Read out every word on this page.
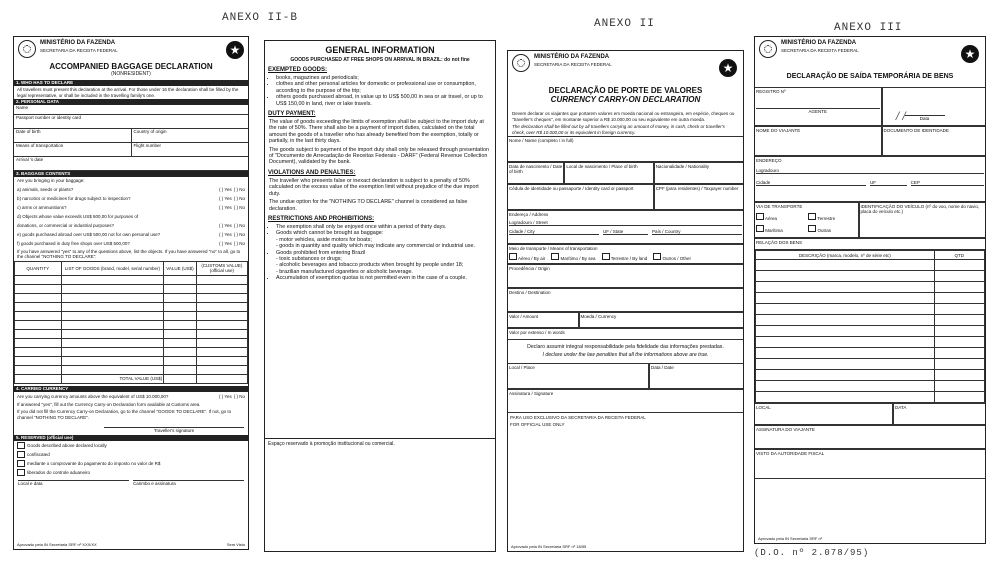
ANEXO II-B	ANEXO II	ANEXO III
MINISTÉRIO DA FAZENDA
SECRETARIA DA RECEITA FEDERAL	★
ACCOMPANIED BAGGAGE DECLARATION
(NONRESIDENT)
1. WHO HAS TO DECLARE
All travellers must present this declaration at the arrival. For those under 16 the declaration shall be filled by the legal representative, or shall be included in the travelling family's one.
2. PERSONAL DATA
Name
Passport number or identity card
Date of birth	Country of origin
Means of transportation	Flight number
Arrival 's date
3. BAGGAGE CONTENTS
Are you bringing in your baggage:
a) animals, seeds or plants?	( ) Yes ( ) No
b) narcotics or medicines for drugs subject to inspection?	( ) Yes ( ) No
c) arms or ammunitions?	( ) Yes ( ) No
d) Objects whose value exceeds US$ 500,00 for purposes of
donations, or commercial or industrial purposes?	( ) Yes ( ) No
e) goods purchased abroad over US$ 500,00 not for own personal use?	( ) Yes ( ) No
f) goods purchased in duty free shops over US$ 500,00?	( ) Yes ( ) No
If you have answered "yes" to any of the questions above, list the objects. If you have answered "no" to all, go to the channel "NOTHING TO DECLARE".
QUANTITY	LIST OF GOODS (brand, model, serial number)	VALUE (US$)	(CUSTOMS VALUE) (official use)

	TOTAL VALUE (US$)		
4. CARRIED CURRENCY
Are you carrying currency amounts above the equivalent of US$ 10.000,00?	( ) Yes ( ) No
If answered "yes", fill out the Currency Carry-on Declaration form available at Customs area.
If you did not fill the Currency Carry-on Declaration, go to the channel "GOODS TO DECLARE". If not, go to channel "NOTHING TO DECLARE".
Traveller's signature
5. RESERVED (official use)
Goods described above declared locally
confiscated
mediante o comprovante do pagamento do imposto no valor de R$
liberados do controle aduaneiro
Local e data	Carimbo e assinatura
Aprovado pela IN Secretaria SRF nº XXX/XX	Sem Visto
GENERAL INFORMATION
GOODS PURCHASED AT FREE SHOPS ON ARRIVAL IN BRAZIL: do not fine
EXEMPTED GOODS:
• books, magazines and periodicals;
• clothes and other personal articles for domestic or professional use or consumption, according to the purpose of the trip;
• others goods purchased abroad, in value up to US$ 500,00 in sea or air travel, or up to US$ 150,00 in land, river or lake travels.
DUTY PAYMENT:

The value of goods exceeding the limits of exemption shall be subject to the import duty at the rate of 50%. There shall also be a payment of import duties, calculated on the total amount the goods of a traveller who has already benefited from the exemption, totally or partially, in the last thirty days.

The goods subject to payment of the import duty shall only be released through presentation of "Documento de Arrecadação de Receitas Federais - DARF" (Federal Revenue Collection Document), validated by the bank.

VIOLATIONS AND PENALTIES:

The traveller who presents false or inexact declaration is subject to a penalty of 50% calculated on the excess value of the exemption limit without prejudice of the due import duty.

The undue option for the "NOTHING TO DECLARE" channel is considered as false declaration.

RESTRICTIONS AND PROHIBITIONS:
• The exemption shall only be enjoyed once within a period of thirty days.
• Goods which cannot be brought as baggage:
- motor vehicles, aside motors for boats;
- goods in quantity and quality which may indicate any commercial or industrial use.
• Goods prohibited from entering Brazil
- toxic substances or drugs;
- alcoholic beverages and tobacco products when brought by people under 18;
- brazilian manufactured cigarettes or alcoholic beverage.
• Accumulation of exemption quotas is not permitted even in the case of a couple.
Espaço reservado à promoção institucional ou comercial.
MINISTÉRIO DA FAZENDA
SECRETARIA DA RECEITA FEDERAL	★
DECLARAÇÃO DE PORTE DE VALORES
CURRENCY CARRY-ON DECLARATION
Devem declarar os viajantes que portarem valores em moeda nacional ou estrangeira, em espécie, cheques ou "traveller's cheques", em montante superior a R$ 10.000,00 ou seu equivalente em outra moeda.
The declaration shall be filled out by all travellers carrying an amount of money, in cash, check or traveller's check, over R$ 10.000,00 or its equivalent in foreign currency.
Nome / Name (completo / in full)
Data de nascimento / Date of birth
Local de nascimento / Place of birth	Nacionalidade / Nationality
Cédula de identidade ou passaporte / Identity card or passport	CPF (para residentes) / Taxpayer number
Endereço / Address
Logradouro / Street
Cidade / City	UF / State	País / Country
Meio de transporte / Means of transportation
Aéreo / By air	Marítimo / By sea	Terrestre / By land	Outros / Other
Procedência / Origin
Destino / Destination
Valor / Amount	Moeda / Currency
Valor por extenso / In words
Declaro assumir integral responsabilidade pela fidelidade das informações prestadas.
I declare under the law penalties that all the informations above are true.
Local / Place	Data / Date
Assinatura / Signature
PARA USO EXCLUSIVO DA SECRETARIA DA RECEITA FEDERAL
FOR OFFICIAL USE ONLY
Aprovado pela IN Secretaria SRF nº 18/95
MINISTÉRIO DA FAZENDA
SECRETARIA DA RECEITA FEDERAL	★
DECLARAÇÃO DE SAÍDA TEMPORÁRIA DE BENS
REGISTRO Nº
AGENTE
Data
NOME DO VIAJANTE	DOCUMENTO DE IDENTIDADE
ENDEREÇO
Logradouro
Cidade	UF	CEP
VIA DE TRANSPORTE
Aérea	Terrestre
Marítima	Outras
IDENTIFICAÇÃO DO VEÍCULO (nº do voo, nome do navio, placa do veículo etc.)
RELAÇÃO DOS BENS
DESCRIÇÃO (marca, modelo, nº de série etc)	QTD

LOCAL	DATA
ASSINATURA DO VIAJANTE
VISTO DA AUTORIDADE FISCAL
Aprovado pela IN Secretaria SRF nº
/ /
(D.O. nº 2.078/95)
